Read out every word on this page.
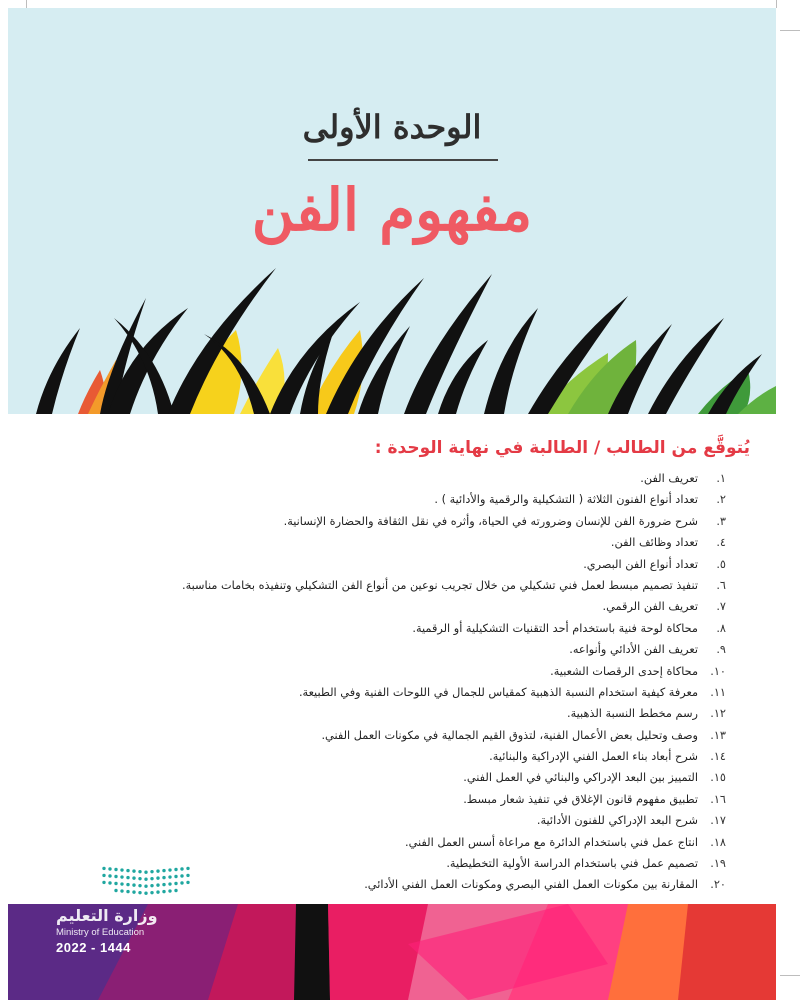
الوحدة الأولى
مفهوم الفن
يُتوقَّع من الطالب / الطالبة في نهاية الوحدة :
١.
تعريف الفن.
٢.
تعداد أنواع الفنون الثلاثة ( التشكيلية والرقمية والأدائية ) .
٣.
شرح ضرورة الفن للإنسان وضرورته في الحياة، وأثره في نقل الثقافة والحضارة الإنسانية.
٤.
تعداد وظائف الفن.
٥.
تعداد أنواع الفن البصري.
٦.
تنفيذ تصميم مبسط لعمل فني تشكيلي من خلال تجريب نوعين من أنواع الفن التشكيلي وتنفيذه بخامات مناسبة.
٧.
تعريف الفن الرقمي.
٨.
محاكاة لوحة فنية باستخدام أحد التقنيات التشكيلية أو الرقمية.
٩.
تعريف الفن الأدائي وأنواعه.
١٠.
محاكاة إحدى الرقصات الشعبية.
١١.
معرفة كيفية استخدام النسبة الذهبية كمقياس للجمال في اللوحات الفنية وفي الطبيعة.
١٢.
رسم مخطط النسبة الذهبية.
١٣.
وصف وتحليل بعض الأعمال الفنية، لتذوق القيم الجمالية في مكونات العمل الفني.
١٤.
شرح أبعاد بناء العمل الفني الإدراكية والبنائية.
١٥.
التمييز بين البعد الإدراكي والبنائي في العمل الفني.
١٦.
تطبيق مفهوم قانون الإغلاق في تنفيذ شعار مبسط.
١٧.
شرح البعد الإدراكي للفنون الأدائية.
١٨.
انتاج عمل فني باستخدام الدائرة مع مراعاة أسس العمل الفني.
١٩.
تصميم عمل فني باستخدام الدراسة الأولية التخطيطية.
٢٠.
المقارنة بين مكونات العمل الفني البصري ومكونات العمل الفني الأدائي.
وزارة التعليم
Ministry of Education
2022 - 1444
